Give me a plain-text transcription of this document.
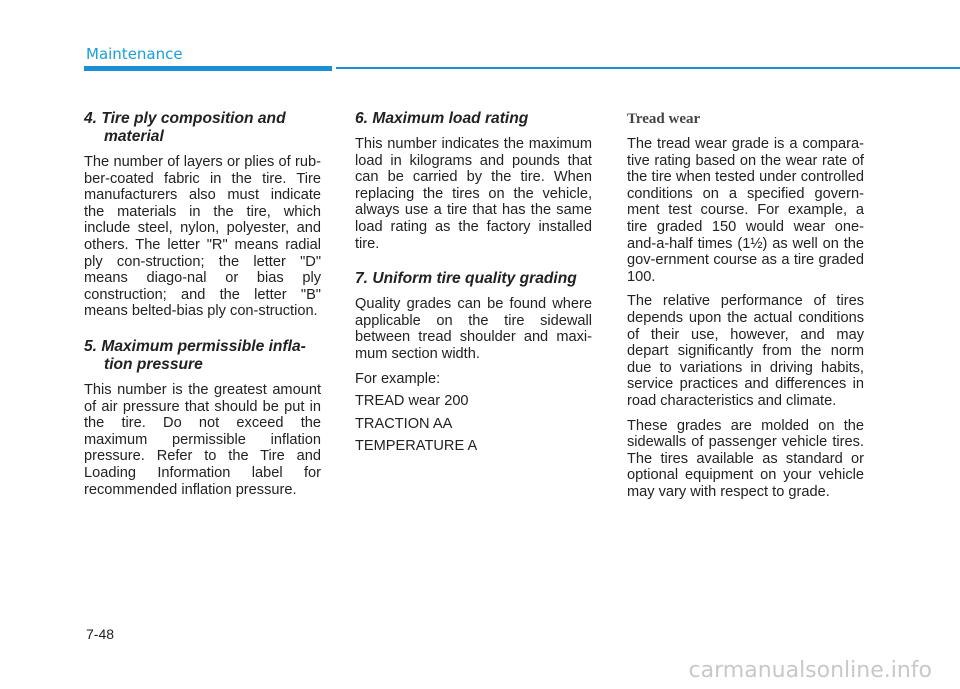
Maintenance
4. Tire ply composition and material

The number of layers or plies of rub-ber-coated fabric in the tire. Tire manufacturers also must indicate the materials in the tire, which include steel, nylon, polyester, and others. The letter "R" means radial ply con-struction; the letter "D" means diago-nal or bias ply construction; and the letter "B" means belted-bias ply con-struction.

5. Maximum permissible infla-tion pressure

This number is the greatest amount of air pressure that should be put in the tire. Do not exceed the maximum permissible inflation pressure. Refer to the Tire and Loading Information label for recommended inflation pressure.

6. Maximum load rating

This number indicates the maximum load in kilograms and pounds that can be carried by the tire. When replacing the tires on the vehicle, always use a tire that has the same load rating as the factory installed tire.

7. Uniform tire quality grading

Quality grades can be found where applicable on the tire sidewall between tread shoulder and maxi-mum section width.

For example:

TREAD wear 200

TRACTION AA

TEMPERATURE A

Tread wear

The tread wear grade is a compara-tive rating based on the wear rate of the tire when tested under controlled conditions on a specified govern-ment test course. For example, a tire graded 150 would wear one-and-a-half times (1½) as well on the gov-ernment course as a tire graded 100.

The relative performance of tires depends upon the actual conditions of their use, however, and may depart significantly from the norm due to variations in driving habits, service practices and differences in road characteristics and climate.

These grades are molded on the sidewalls of passenger vehicle tires. The tires available as standard or optional equipment on your vehicle may vary with respect to grade.

7-48
carmanualsonline.info
